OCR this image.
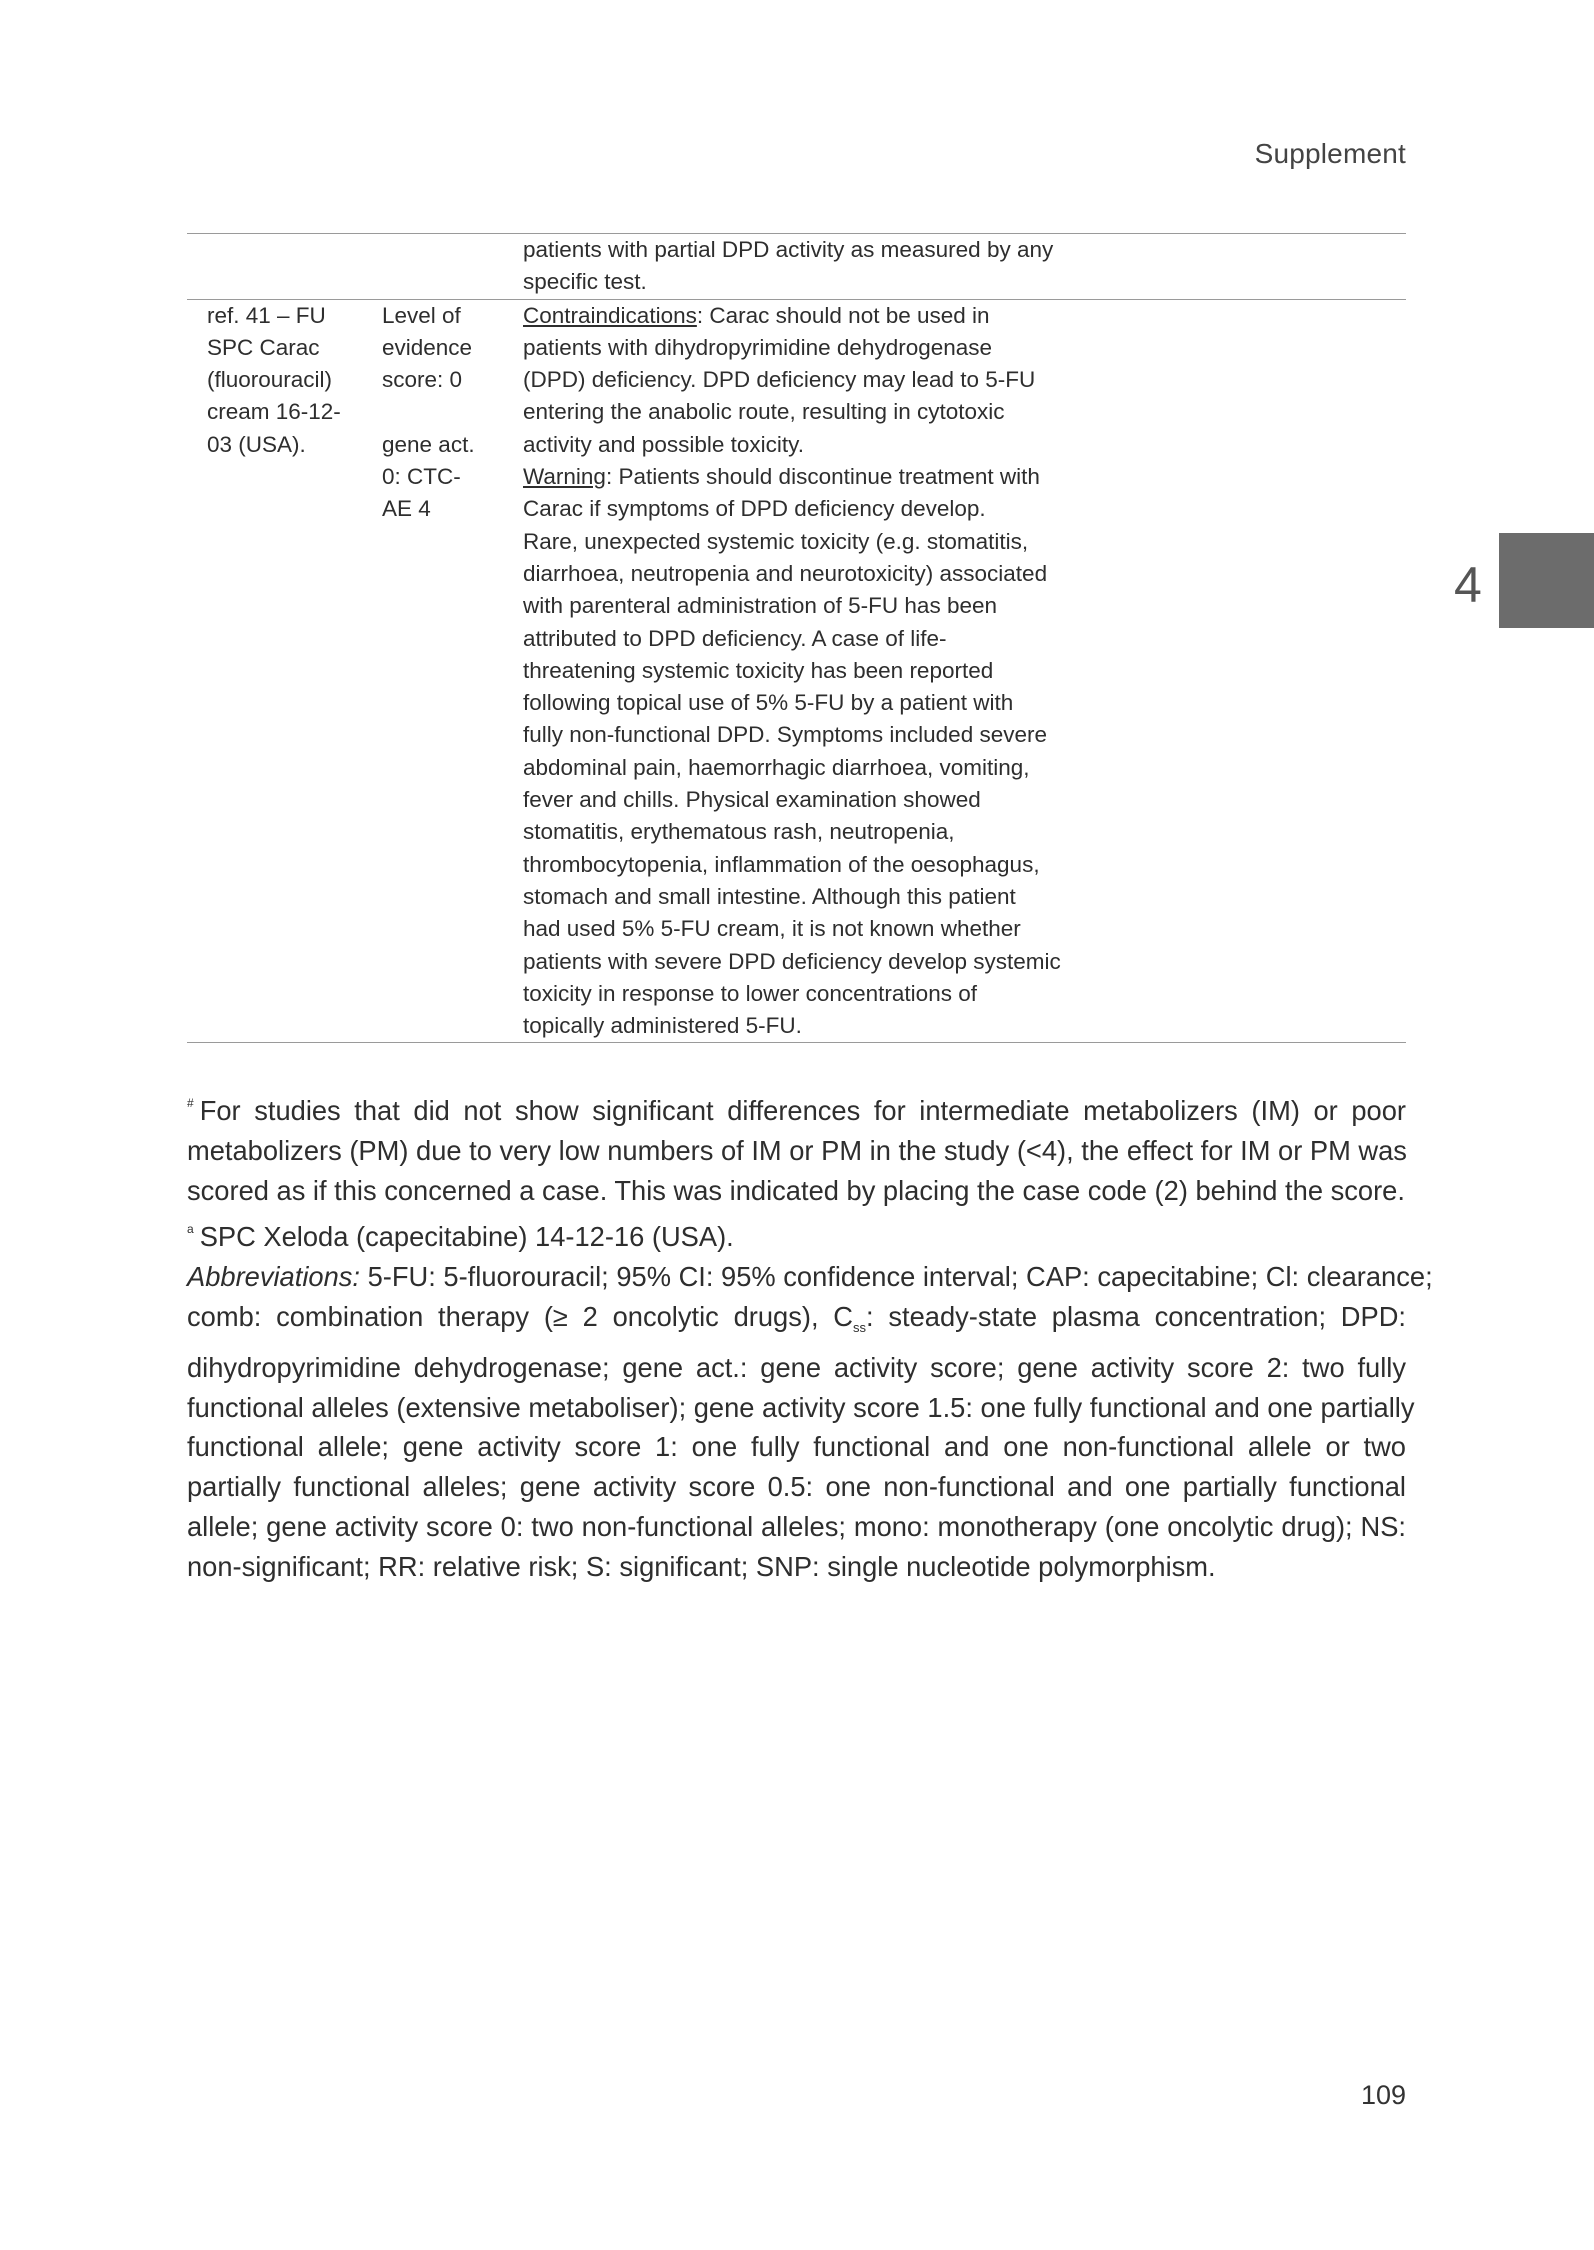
Supplement
4
patients with partial DPD activity as measured by any
specific test.
ref. 41 – FU
SPC Carac
(fluorouracil)
cream 16-12-
03 (USA).
Level of
evidence
score: 0
gene act.
0: CTC-
AE 4
Contraindications: Carac should not be used in
patients with dihydropyrimidine dehydrogenase
(DPD) deficiency. DPD deficiency may lead to 5-FU
entering the anabolic route, resulting in cytotoxic
activity and possible toxicity.
Warning: Patients should discontinue treatment with
Carac if symptoms of DPD deficiency develop.
Rare, unexpected systemic toxicity (e.g. stomatitis,
diarrhoea, neutropenia and neurotoxicity) associated
with parenteral administration of 5-FU has been
attributed to DPD deficiency. A case of life-
threatening systemic toxicity has been reported
following topical use of 5% 5-FU by a patient with
fully non-functional DPD. Symptoms included severe
abdominal pain, haemorrhagic diarrhoea, vomiting,
fever and chills. Physical examination showed
stomatitis, erythematous rash, neutropenia,
thrombocytopenia, inflammation of the oesophagus,
stomach and small intestine. Although this patient
had used 5% 5-FU cream, it is not known whether
patients with severe DPD deficiency develop systemic
toxicity in response to lower concentrations of
topically administered 5-FU.

# For studies that did not show significant differences for intermediate metabolizers (IM) or poor
metabolizers (PM) due to very low numbers of IM or PM in the study (<4), the effect for IM or PM was
scored as if this concerned a case. This was indicated by placing the case code (2) behind the score.

$^a$ SPC Xeloda (capecitabine) 14-12-16 (USA).

Abbreviations: 5-FU: 5-fluorouracil; 95% CI: 95% confidence interval; CAP: capecitabine; Cl: clearance;
comb: combination therapy (≥ 2 oncolytic drugs), $C_{ss}$: steady-state plasma concentration; DPD:
dihydropyrimidine dehydrogenase; gene act.: gene activity score; gene activity score 2: two fully
functional alleles (extensive metaboliser); gene activity score 1.5: one fully functional and one partially
functional allele; gene activity score 1: one fully functional and one non-functional allele or two
partially functional alleles; gene activity score 0.5: one non-functional and one partially functional
allele; gene activity score 0: two non-functional alleles; mono: monotherapy (one oncolytic drug); NS:
non-significant; RR: relative risk; S: significant; SNP: single nucleotide polymorphism.

109
